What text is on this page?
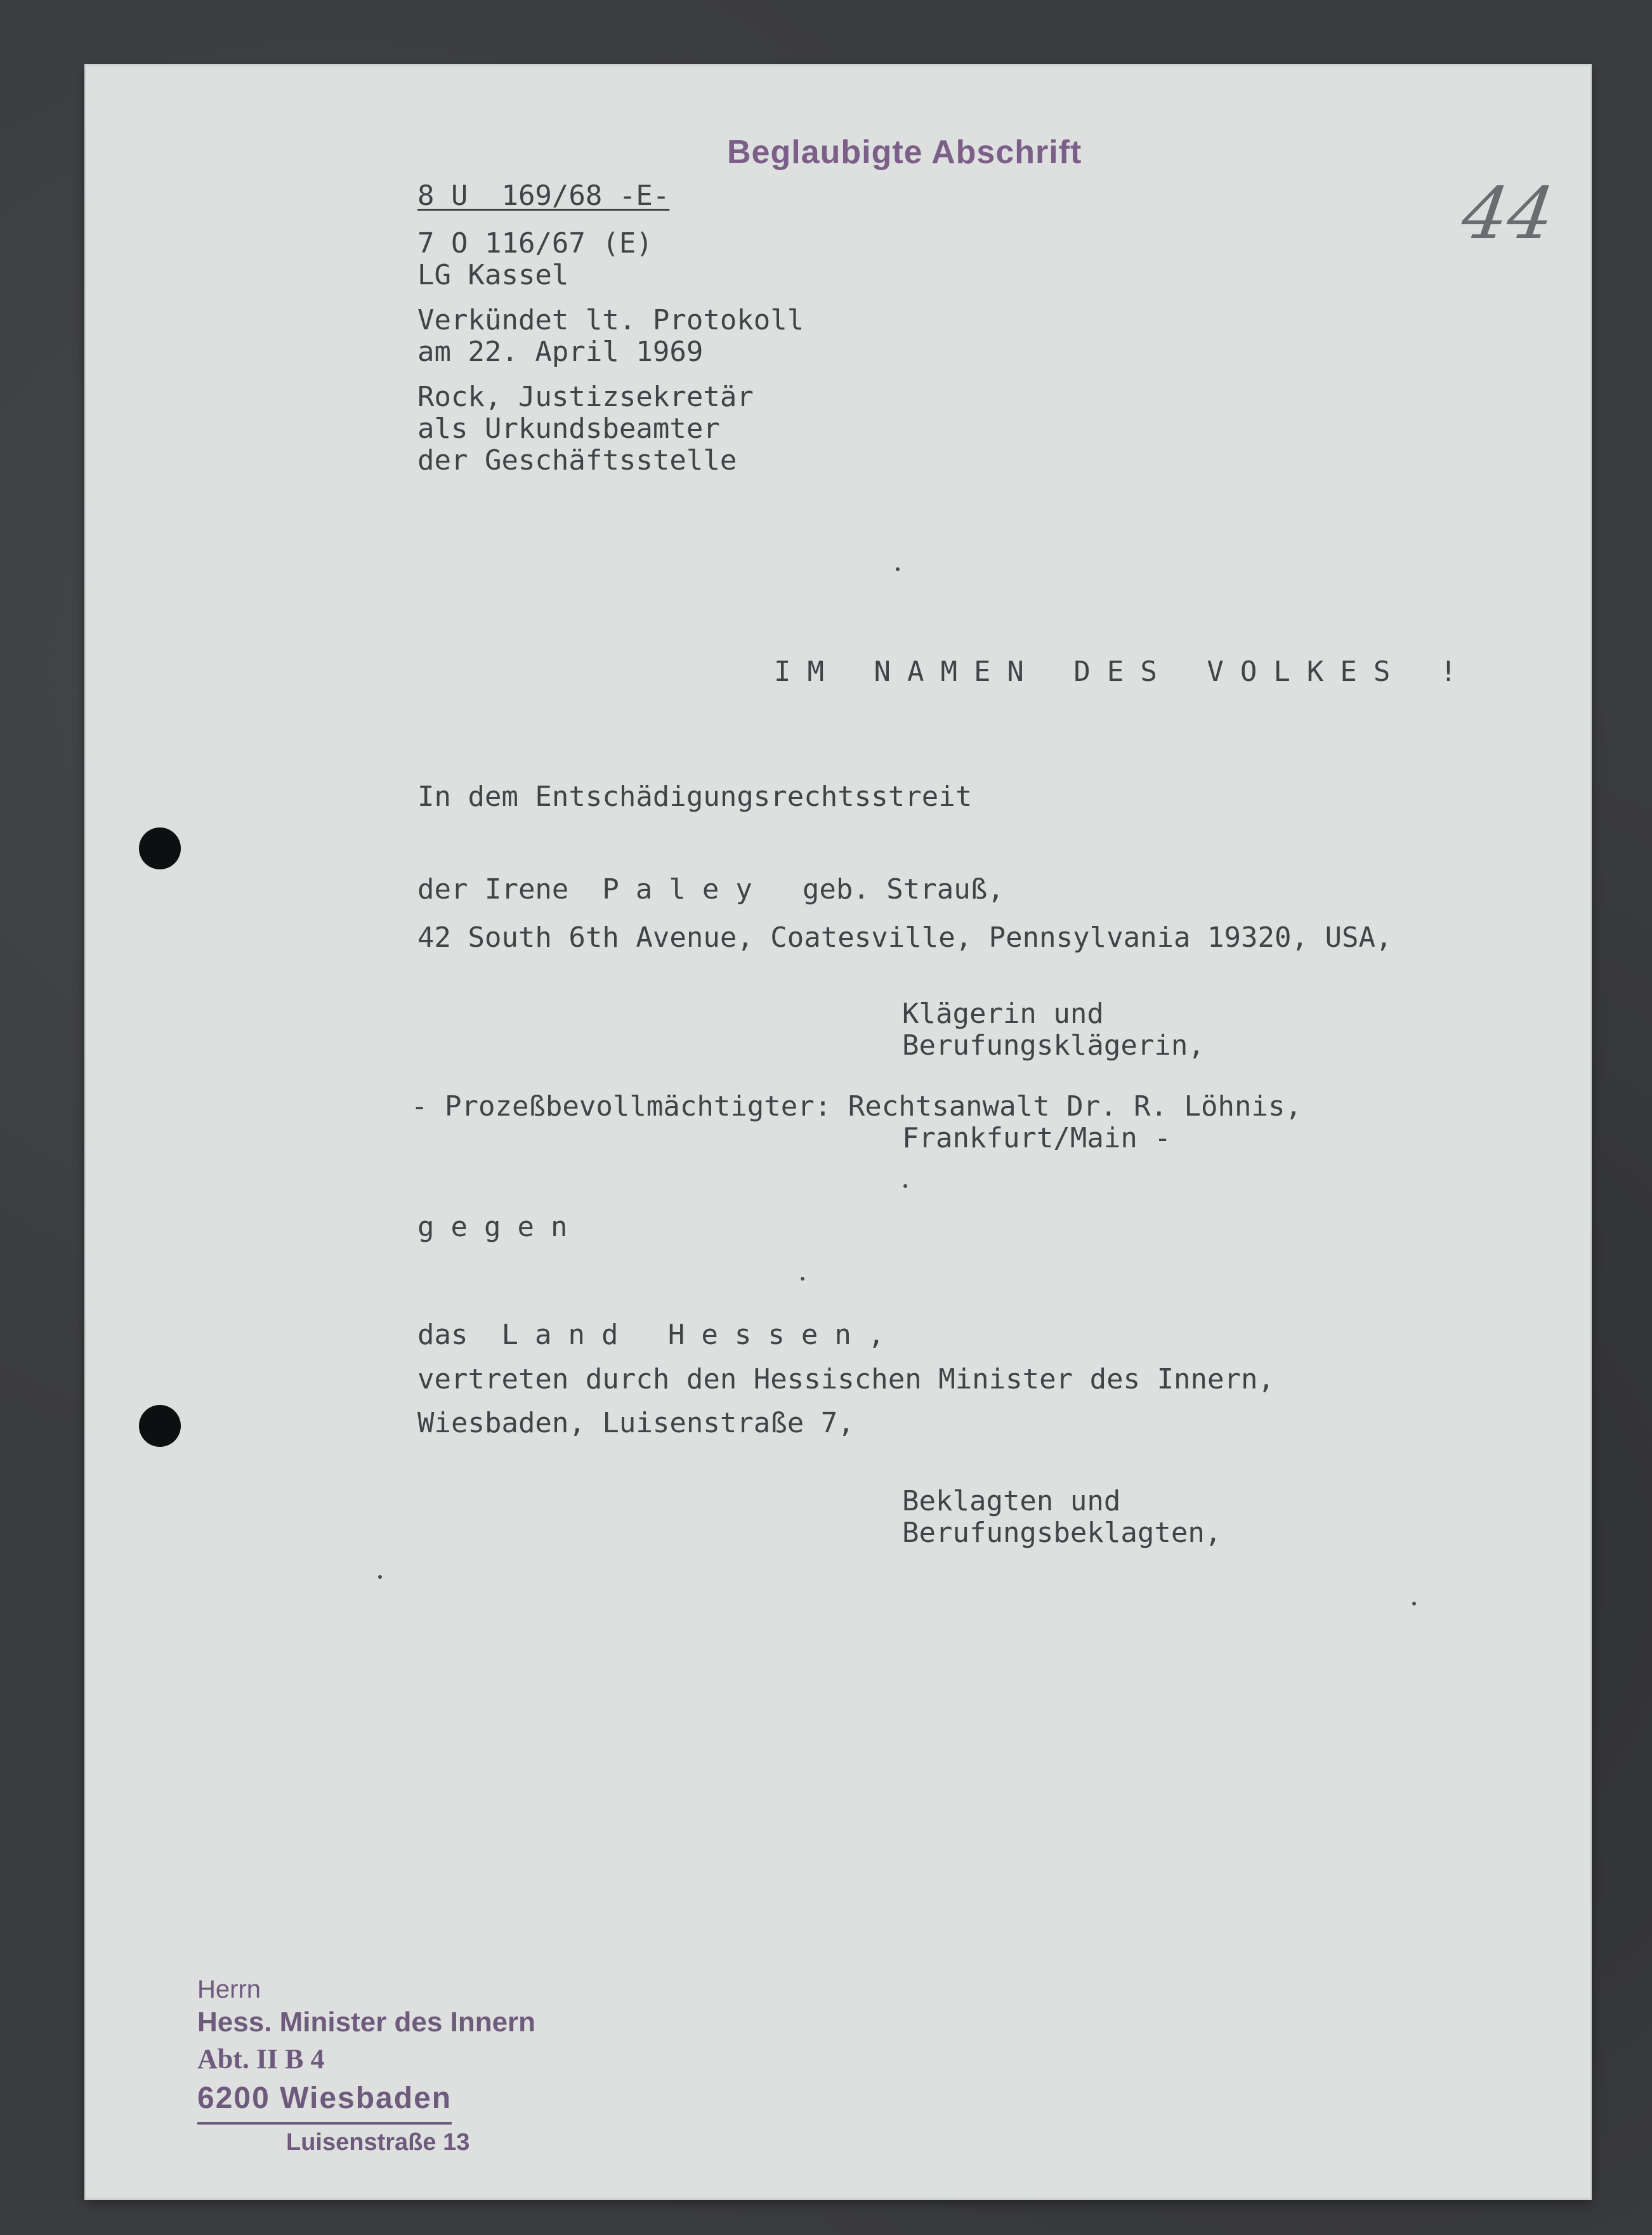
Beglaubigte Abschrift
44
8 U  169/68 -E-
7 O 116/67 (E)
LG Kassel
Verkündet lt. Protokoll
am 22. April 1969
Rock, Justizsekretär
als Urkundsbeamter
der Geschäftsstelle
IM NAMEN DES VOLKES !
In dem Entschädigungsrechtsstreit
der Irene Paley geb. Strauß,
42 South 6th Avenue, Coatesville, Pennsylvania 19320, USA,
Klägerin und
Berufungsklägerin,
- Prozeßbevollmächtigter: Rechtsanwalt Dr. R. Löhnis,
Frankfurt/Main -
gegen
das Land Hessen,
vertreten durch den Hessischen Minister des Innern,
Wiesbaden, Luisenstraße 7,
Beklagten und
Berufungsbeklagten,
Herrn
Hess. Minister des Innern
Abt. II B 4
6200 Wiesbaden
Luisenstraße 13
